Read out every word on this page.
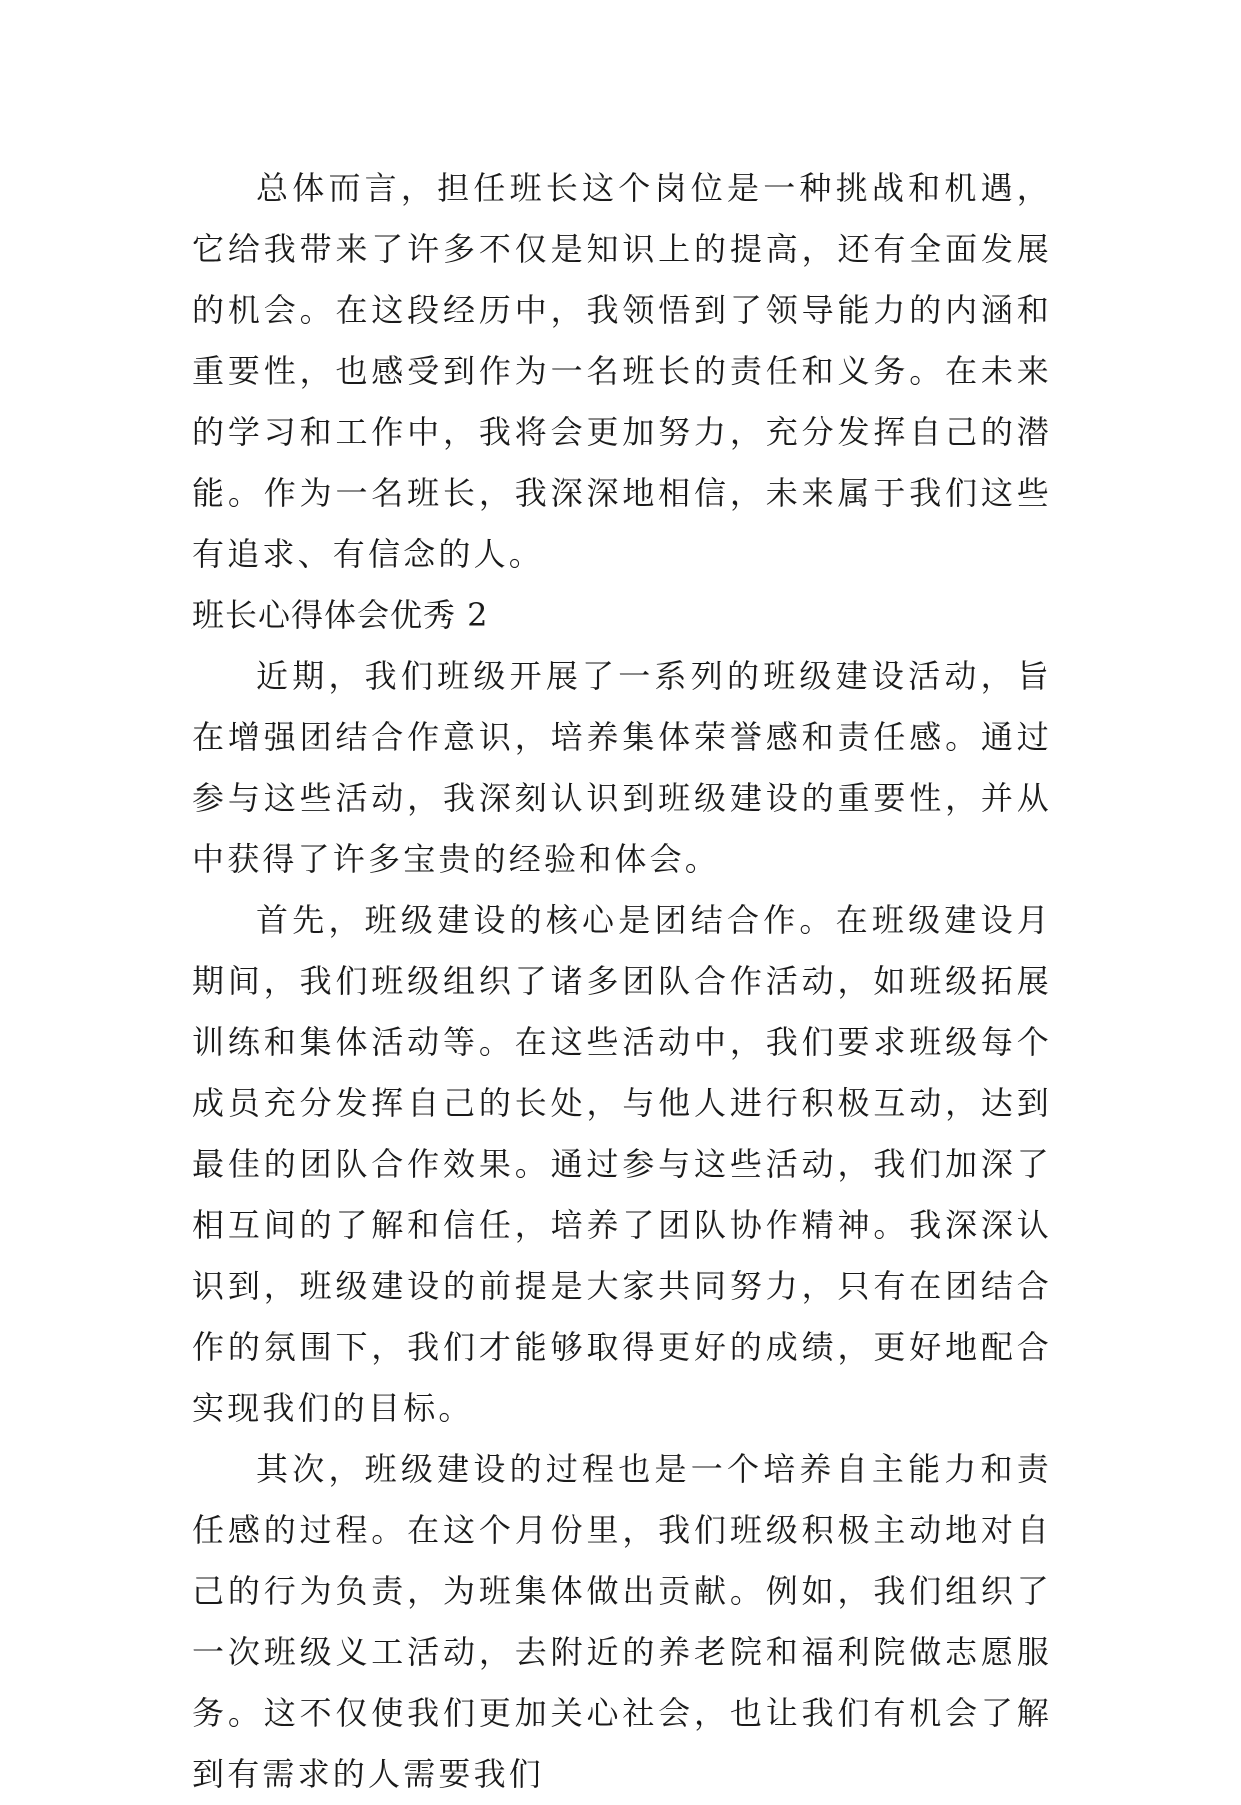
总体而言，担任班长这个岗位是一种挑战和机遇，它给我带来了许多不仅是知识上的提高，还有全面发展的机会。在这段经历中，我领悟到了领导能力的内涵和重要性，也感受到作为一名班长的责任和义务。在未来的学习和工作中，我将会更加努力，充分发挥自己的潜能。作为一名班长，我深深地相信，未来属于我们这些有追求、有信念的人。

班长心得体会优秀 2

近期，我们班级开展了一系列的班级建设活动，旨在增强团结合作意识，培养集体荣誉感和责任感。通过参与这些活动，我深刻认识到班级建设的重要性，并从中获得了许多宝贵的经验和体会。

首先，班级建设的核心是团结合作。在班级建设月期间，我们班级组织了诸多团队合作活动，如班级拓展训练和集体活动等。在这些活动中，我们要求班级每个成员充分发挥自己的长处，与他人进行积极互动，达到最佳的团队合作效果。通过参与这些活动，我们加深了相互间的了解和信任，培养了团队协作精神。我深深认识到，班级建设的前提是大家共同努力，只有在团结合作的氛围下，我们才能够取得更好的成绩，更好地配合实现我们的目标。

其次，班级建设的过程也是一个培养自主能力和责任感的过程。在这个月份里，我们班级积极主动地对自己的行为负责，为班集体做出贡献。例如，我们组织了一次班级义工活动，去附近的养老院和福利院做志愿服务。这不仅使我们更加关心社会，也让我们有机会了解到有需求的人需要我们
